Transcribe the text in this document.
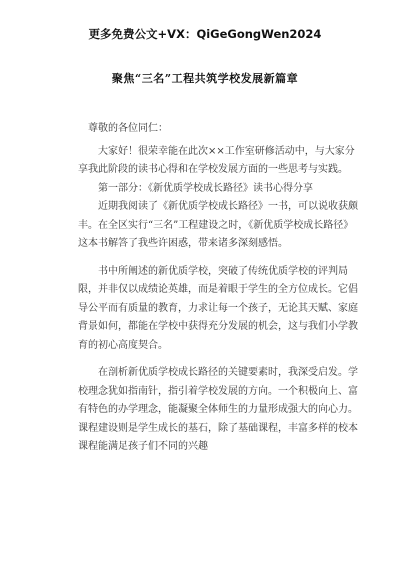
更多免费公文+VX：QiGeGongWen2024
聚焦“三名”工程共筑学校发展新篇章

尊敬的各位同仁：

大家好！很荣幸能在此次××工作室研修活动中，与大家分享我此阶段的读书心得和在学校发展方面的一些思考与实践。

第一部分：《新优质学校成长路径》读书心得分享

近期我阅读了《新优质学校成长路径》一书，可以说收获颇丰。在全区实行“三名”工程建设之时，《新优质学校成长路径》这本书解答了我些许困惑，带来诸多深刻感悟。

书中所阐述的新优质学校，突破了传统优质学校的评判局限，并非仅以成绩论英雄，而是着眼于学生的全方位成长。它倡导公平而有质量的教育，力求让每一个孩子，无论其天赋、家庭背景如何，都能在学校中获得充分发展的机会，这与我们小学教育的初心高度契合。

在剖析新优质学校成长路径的关键要素时，我深受启发。学校理念犹如指南针，指引着学校发展的方向。一个积极向上、富有特色的办学理念，能凝聚全体师生的力量形成强大的向心力。课程建设则是学生成长的基石，除了基础课程，丰富多样的校本课程能满足孩子们不同的兴趣
